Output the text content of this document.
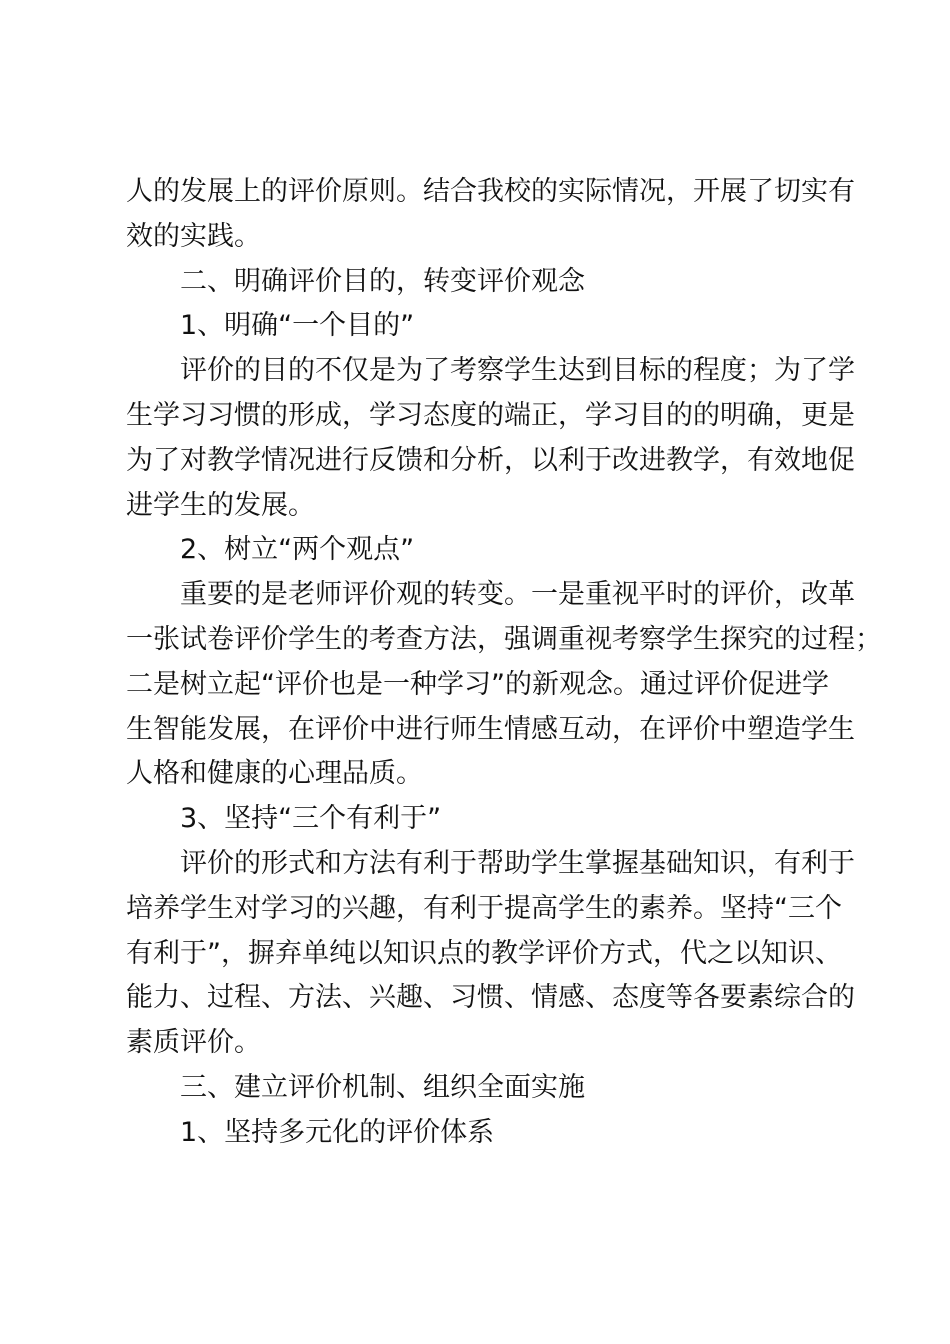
人的发展上的评价原则。结合我校的实际情况，开展了切实有
效的实践。

二、明确评价目的，转变评价观念

1、明确“一个目的”

评价的目的不仅是为了考察学生达到目标的程度；为了学
生学习习惯的形成，学习态度的端正，学习目的的明确，更是
为了对教学情况进行反馈和分析，以利于改进教学，有效地促
进学生的发展。

2、树立“两个观点”

重要的是老师评价观的转变。一是重视平时的评价，改革
一张试卷评价学生的考查方法，强调重视考察学生探究的过程；
二是树立起“评价也是一种学习”的新观念。通过评价促进学
生智能发展，在评价中进行师生情感互动，在评价中塑造学生
人格和健康的心理品质。

3、坚持“三个有利于”

评价的形式和方法有利于帮助学生掌握基础知识，有利于
培养学生对学习的兴趣，有利于提高学生的素养。坚持“三个
有利于”，摒弃单纯以知识点的教学评价方式，代之以知识、
能力、过程、方法、兴趣、习惯、情感、态度等各要素综合的
素质评价。

三、建立评价机制、组织全面实施

1、坚持多元化的评价体系
